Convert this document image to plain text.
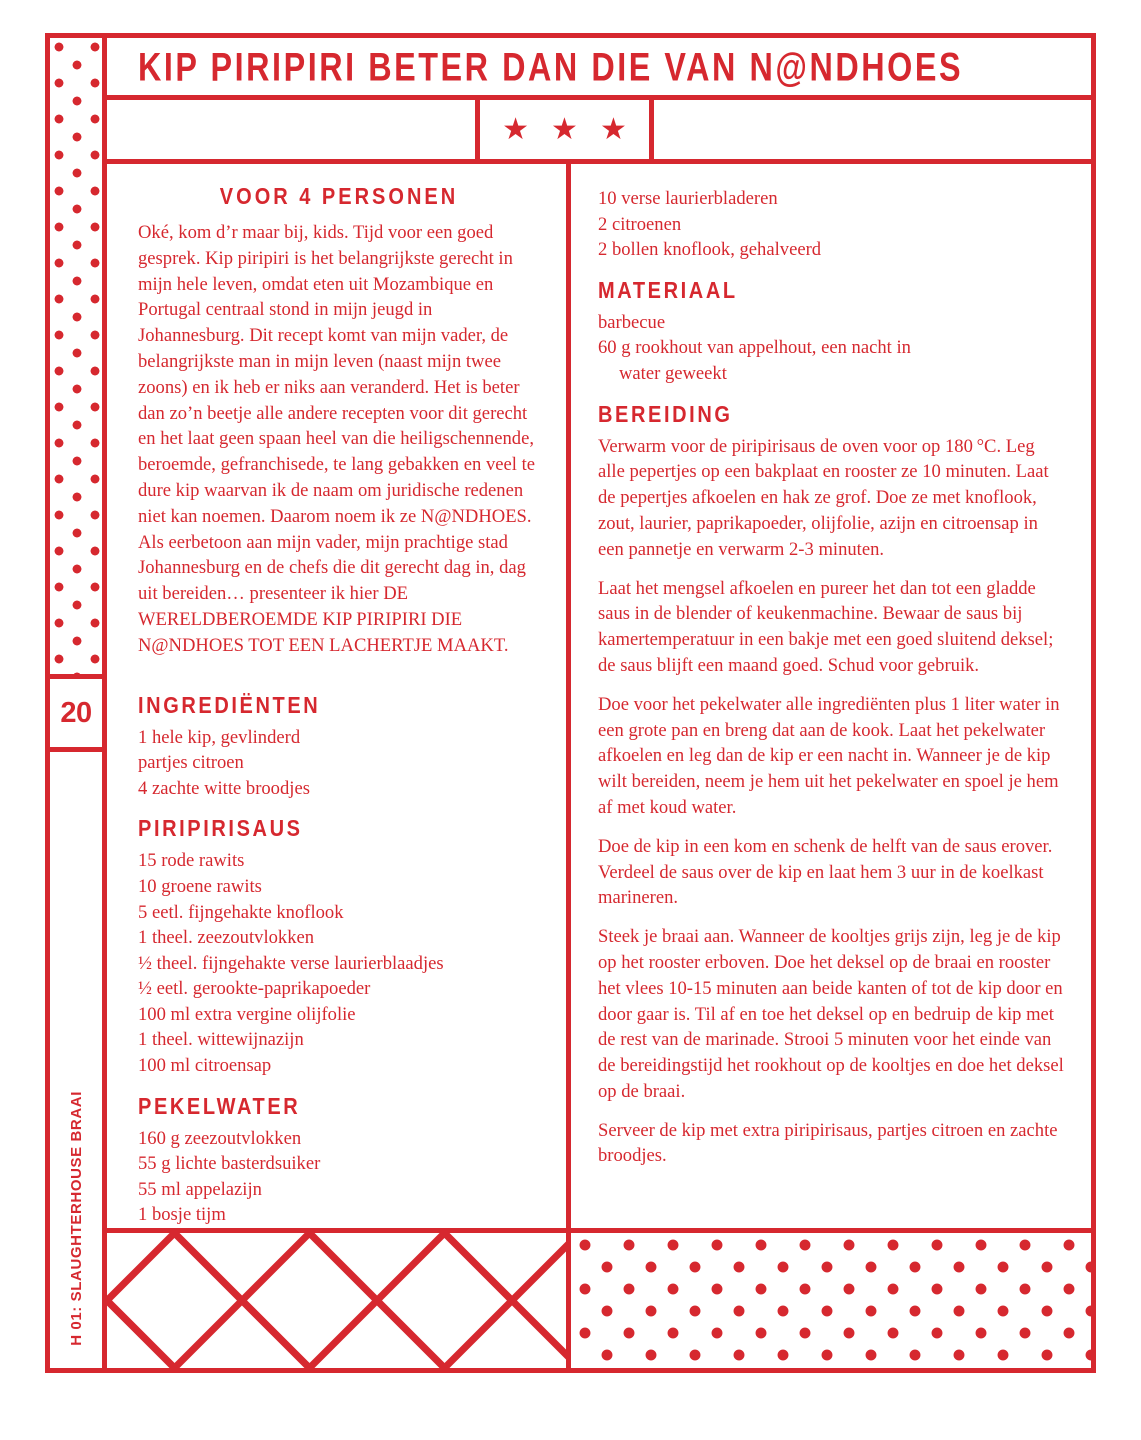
20
H 01: SLAUGHTERHOUSE BRAAI
KIP PIRIPIRI BETER DAN DIE VAN N@NDHOES
★ ★ ★
VOOR 4 PERSONEN

Oké, kom d’r maar bij, kids. Tijd voor een goed gesprek. Kip piripiri is het belangrijkste gerecht in mijn hele leven, omdat eten uit Mozambique en Portugal centraal stond in mijn jeugd in Johannesburg. Dit recept komt van mijn vader, de belangrijkste man in mijn leven (naast mijn twee zoons) en ik heb er niks aan veranderd. Het is beter dan zo’n beetje alle andere recepten voor dit gerecht en het laat geen spaan heel van die heiligschennende, beroemde, gefranchisede, te lang gebakken en veel te dure kip waarvan ik de naam om juridische redenen niet kan noemen. Daarom noem ik ze N@NDHOES. Als eerbetoon aan mijn vader, mijn prachtige stad Johannesburg en de chefs die dit gerecht dag in, dag uit bereiden… presenteer ik hier DE WERELDBEROEMDE KIP PIRIPIRI DIE N@NDHOES TOT EEN LACHERTJE MAAKT.

INGREDIËNTEN
1 hele kip, gevlinderd
partjes citroen
4 zachte witte broodjes
PIRIPIRISAUS
15 rode rawits
10 groene rawits
5 eetl. fijngehakte knoflook
1 theel. zeezoutvlokken
½ theel. fijngehakte verse laurierblaadjes
½ eetl. gerookte-paprikapoeder
100 ml extra vergine olijfolie
1 theel. wittewijnazijn
100 ml citroensap
PEKELWATER
160 g zeezoutvlokken
55 g lichte basterdsuiker
55 ml appelazijn
1 bosje tijm
10 verse laurierbladeren
2 citroenen
2 bollen knoflook, gehalveerd
MATERIAAL
barbecue
60 g rookhout van appelhout, een nacht in
water geweekt
BEREIDING

Verwarm voor de piripirisaus de oven voor op 180 °C. Leg alle pepertjes op een bakplaat en rooster ze 10 minuten. Laat de pepertjes afkoelen en hak ze grof. Doe ze met knoflook, zout, laurier, paprikapoeder, olijfolie, azijn en citroensap in een pannetje en verwarm 2-3 minuten.

Laat het mengsel afkoelen en pureer het dan tot een gladde saus in de blender of keukenmachine. Bewaar de saus bij kamertemperatuur in een bakje met een goed sluitend deksel; de saus blijft een maand goed. Schud voor gebruik.

Doe voor het pekelwater alle ingrediënten plus 1 liter water in een grote pan en breng dat aan de kook. Laat het pekelwater afkoelen en leg dan de kip er een nacht in. Wanneer je de kip wilt bereiden, neem je hem uit het pekelwater en spoel je hem af met koud water.

Doe de kip in een kom en schenk de helft van de saus erover. Verdeel de saus over de kip en laat hem 3 uur in de koelkast marineren.

Steek je braai aan. Wanneer de kooltjes grijs zijn, leg je de kip op het rooster erboven. Doe het deksel op de braai en rooster het vlees 10-15 minuten aan beide kanten of tot de kip door en door gaar is. Til af en toe het deksel op en bedruip de kip met de rest van de marinade. Strooi 5 minuten voor het einde van de bereidingstijd het rookhout op de kooltjes en doe het deksel op de braai.

Serveer de kip met extra piripirisaus, partjes citroen en zachte broodjes.
